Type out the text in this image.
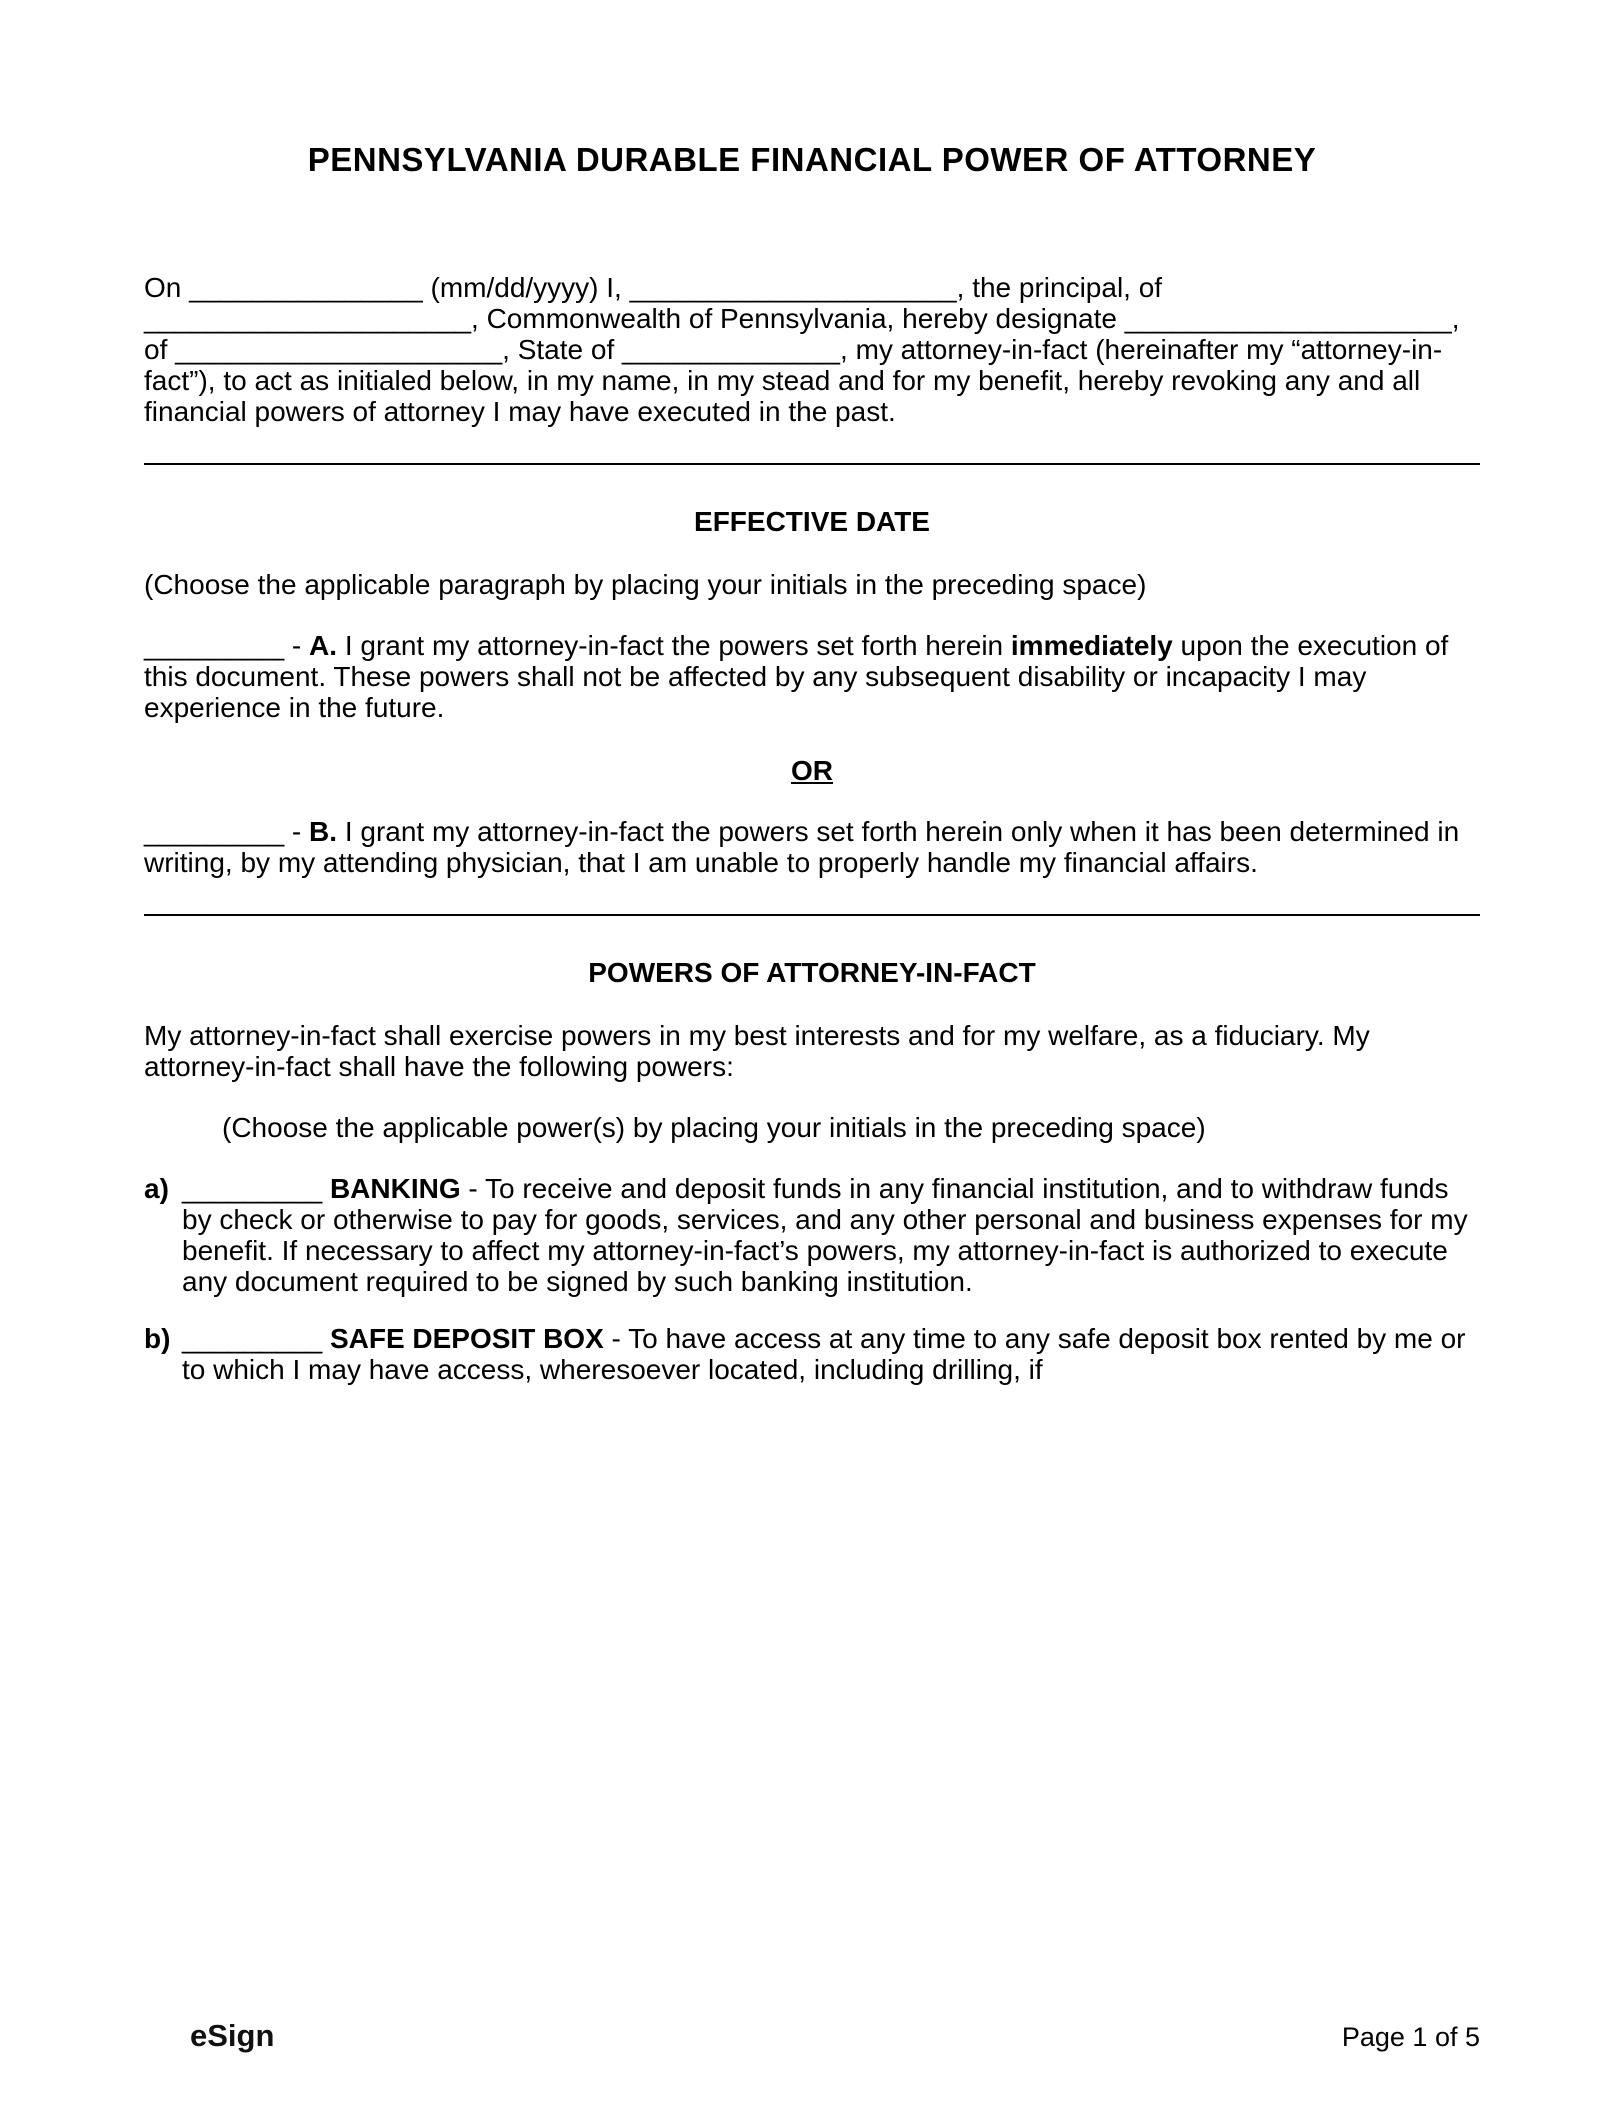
PENNSYLVANIA DURABLE FINANCIAL POWER OF ATTORNEY

On _______________ (mm/dd/yyyy) I, _____________________, the principal, of _____________________, Commonwealth of Pennsylvania, hereby designate _____________________, of _____________________, State of ______________, my attorney-in-fact (hereinafter my “attorney-in-fact”), to act as initialed below, in my name, in my stead and for my benefit, hereby revoking any and all financial powers of attorney I may have executed in the past.

EFFECTIVE DATE

(Choose the applicable paragraph by placing your initials in the preceding space)

_________ - A. I grant my attorney-in-fact the powers set forth herein immediately upon the execution of this document. These powers shall not be affected by any subsequent disability or incapacity I may experience in the future.

OR

_________ - B. I grant my attorney-in-fact the powers set forth herein only when it has been determined in writing, by my attending physician, that I am unable to properly handle my financial affairs.

POWERS OF ATTORNEY-IN-FACT

My attorney-in-fact shall exercise powers in my best interests and for my welfare, as a fiduciary. My attorney-in-fact shall have the following powers:

(Choose the applicable power(s) by placing your initials in the preceding space)

a) _________ BANKING - To receive and deposit funds in any financial institution, and to withdraw funds by check or otherwise to pay for goods, services, and any other personal and business expenses for my benefit. If necessary to affect my attorney-in-fact’s powers, my attorney-in-fact is authorized to execute any document required to be signed by such banking institution.
b) _________ SAFE DEPOSIT BOX - To have access at any time to any safe deposit box rented by me or to which I may have access, wheresoever located, including drilling, if
eSign	Page 1 of 5
